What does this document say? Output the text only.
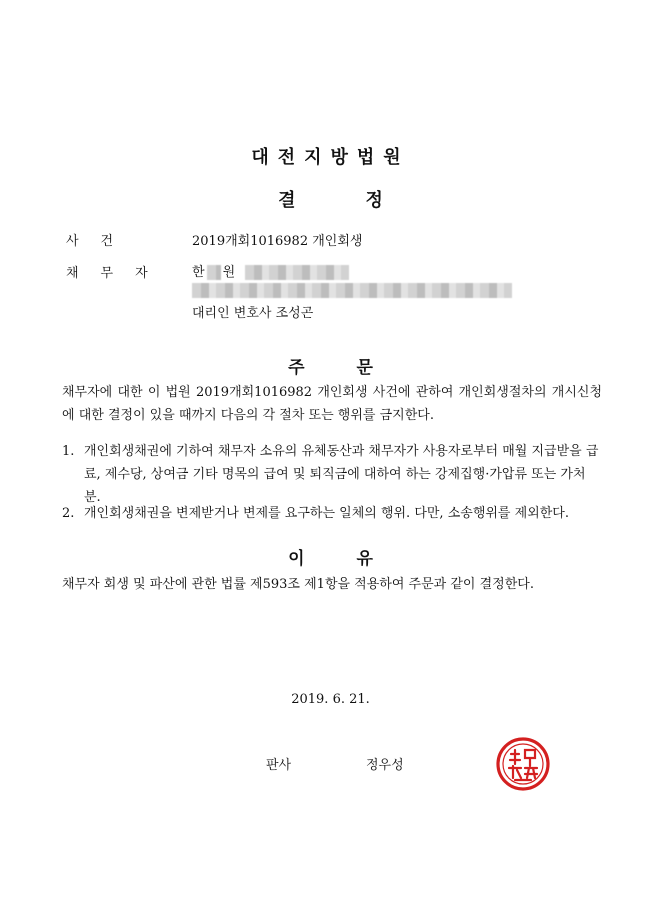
대전지방법원
결정
사건	2019개회1016982 개인회생
채무자 한 원
대리인 변호사 조성곤
주문
채무자에 대한 이 법원 2019개회1016982 개인회생 사건에 관하여 개인회생절차의 개시신청에 대한 결정이 있을 때까지 다음의 각 절차 또는 행위를 금지한다.
1. 개인회생채권에 기하여 채무자 소유의 유체동산과 채무자가 사용자로부터 매월 지급받을 급료, 제수당, 상여금 기타 명목의 급여 및 퇴직금에 대하여 하는 강제집행·가압류 또는 가처분.
2. 개인회생채권을 변제받거나 변제를 요구하는 일체의 행위. 다만, 소송행위를 제외한다.
이유
채무자 회생 및 파산에 관한 법률 제593조 제1항을 적용하여 주문과 같이 결정한다.
2019. 6. 21.
판사	정우성
